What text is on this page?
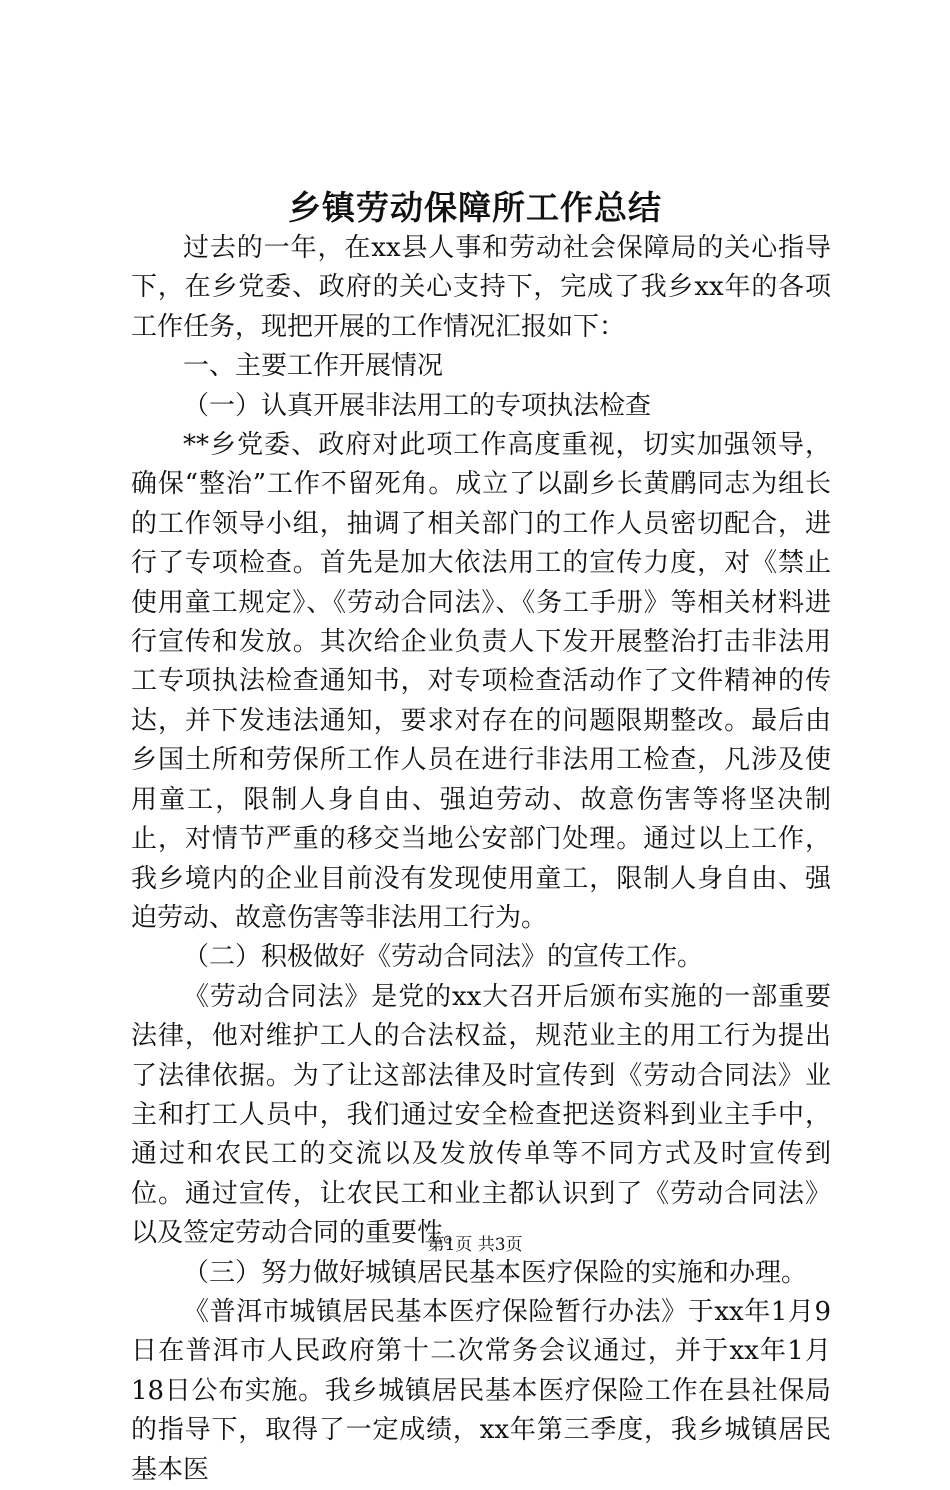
乡镇劳动保障所工作总结

过去的一年，在xx县人事和劳动社会保障局的关心指导下，在乡党委、政府的关心支持下，完成了我乡xx年的各项工作任务，现把开展的工作情况汇报如下：

一、主要工作开展情况

（一）认真开展非法用工的专项执法检查

**乡党委、政府对此项工作高度重视，切实加强领导，确保“整治”工作不留死角。成立了以副乡长黄鹛同志为组长的工作领导小组，抽调了相关部门的工作人员密切配合，进行了专项检查。首先是加大依法用工的宣传力度，对《禁止使用童工规定》、《劳动合同法》、《务工手册》等相关材料进行宣传和发放。其次给企业负责人下发开展整治打击非法用工专项执法检查通知书，对专项检查活动作了文件精神的传达，并下发违法通知，要求对存在的问题限期整改。最后由乡国土所和劳保所工作人员在进行非法用工检查，凡涉及使用童工，限制人身自由、强迫劳动、故意伤害等将坚决制止，对情节严重的移交当地公安部门处理。通过以上工作，我乡境内的企业目前没有发现使用童工，限制人身自由、强迫劳动、故意伤害等非法用工行为。

（二）积极做好《劳动合同法》的宣传工作。

《劳动合同法》是党的xx大召开后颁布实施的一部重要法律，他对维护工人的合法权益，规范业主的用工行为提出了法律依据。为了让这部法律及时宣传到《劳动合同法》业主和打工人员中，我们通过安全检查把送资料到业主手中，通过和农民工的交流以及发放传单等不同方式及时宣传到位。通过宣传，让农民工和业主都认识到了《劳动合同法》以及签定劳动合同的重要性。

（三）努力做好城镇居民基本医疗保险的实施和办理。

《普洱市城镇居民基本医疗保险暂行办法》于xx年1月9日在普洱市人民政府第十二次常务会议通过，并于xx年1月18日公布实施。我乡城镇居民基本医疗保险工作在县社保局的指导下，取得了一定成绩，xx年第三季度，我乡城镇居民基本医

第1页 共3页
